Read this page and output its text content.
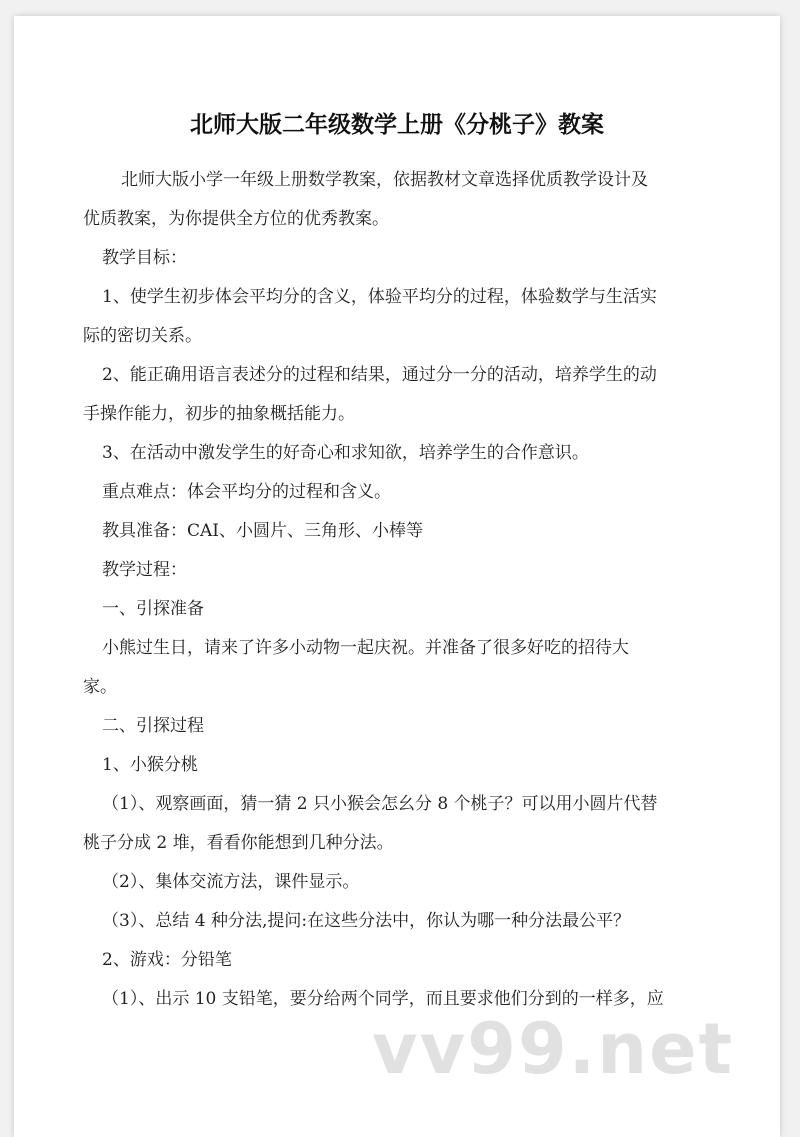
北师大版二年级数学上册《分桃子》教案
北师大版小学一年级上册数学教案，依据教材文章选择优质教学设计及
优质教案，为你提供全方位的优秀教案。
教学目标：
1、使学生初步体会平均分的含义，体验平均分的过程，体验数学与生活实
际的密切关系。
2、能正确用语言表述分的过程和结果，通过分一分的活动，培养学生的动
手操作能力，初步的抽象概括能力。
3、在活动中激发学生的好奇心和求知欲，培养学生的合作意识。
重点难点：体会平均分的过程和含义。
教具准备：CAI、小圆片、三角形、小棒等
教学过程：
一、引探准备
小熊过生日，请来了许多小动物一起庆祝。并准备了很多好吃的招待大
家。
二、引探过程
1、小猴分桃
（1）、观察画面，猜一猜 2 只小猴会怎幺分 8 个桃子？可以用小圆片代替
桃子分成 2 堆，看看你能想到几种分法。
（2）、集体交流方法，课件显示。
（3）、总结 4 种分法,提问:在这些分法中，你认为哪一种分法最公平？
2、游戏：分铅笔
（1）、出示 10 支铅笔，要分给两个同学，而且要求他们分到的一样多，应
vv99.net
